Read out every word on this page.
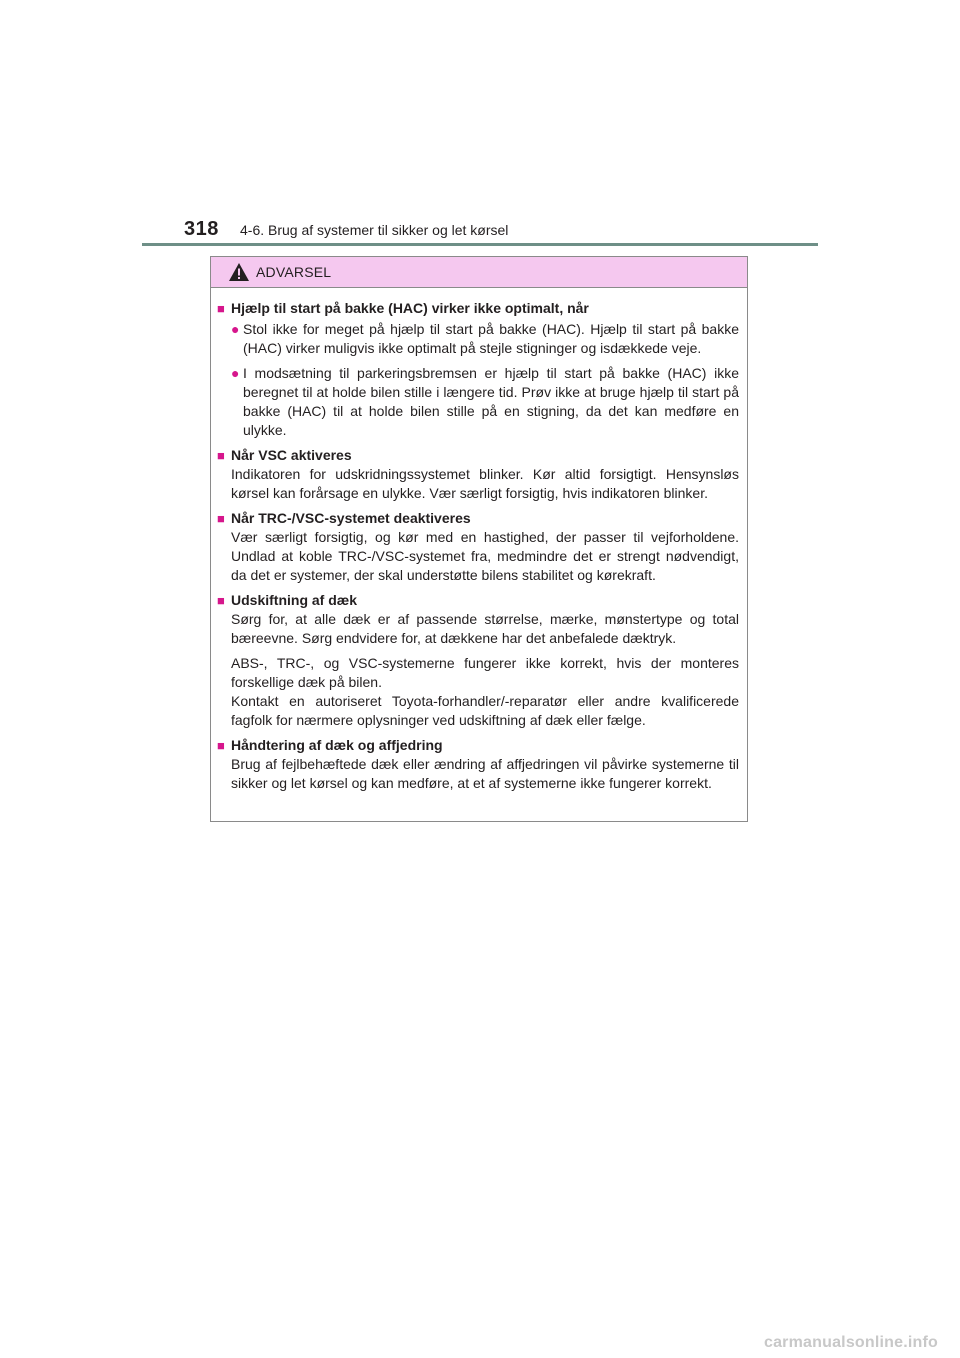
318 4-6. Brug af systemer til sikker og let kørsel
ADVARSEL
■ Hjælp til start på bakke (HAC) virker ikke optimalt, når
● Stol ikke for meget på hjælp til start på bakke (HAC). Hjælp til start på bakke (HAC) virker muligvis ikke optimalt på stejle stigninger og isdækkede veje.
● I modsætning til parkeringsbremsen er hjælp til start på bakke (HAC) ikke beregnet til at holde bilen stille i længere tid. Prøv ikke at bruge hjælp til start på bakke (HAC) til at holde bilen stille på en stigning, da det kan medføre en ulykke.
■ Når VSC aktiveres
Indikatoren for udskridningssystemet blinker. Kør altid forsigtigt. Hensynsløs kørsel kan forårsage en ulykke. Vær særligt forsigtig, hvis indikatoren blinker.
■ Når TRC-/VSC-systemet deaktiveres
Vær særligt forsigtig, og kør med en hastighed, der passer til vejforholdene. Undlad at koble TRC-/VSC-systemet fra, medmindre det er strengt nødvendigt, da det er systemer, der skal understøtte bilens stabilitet og kørekraft.
■ Udskiftning af dæk
Sørg for, at alle dæk er af passende størrelse, mærke, mønstertype og total bæreevne. Sørg endvidere for, at dækkene har det anbefalede dæktryk.
ABS-, TRC-, og VSC-systemerne fungerer ikke korrekt, hvis der monteres forskellige dæk på bilen.
Kontakt en autoriseret Toyota-forhandler/-reparatør eller andre kvalificerede fagfolk for nærmere oplysninger ved udskiftning af dæk eller fælge.
■ Håndtering af dæk og affjedring
Brug af fejlbehæftede dæk eller ændring af affjedringen vil påvirke systemerne til sikker og let kørsel og kan medføre, at et af systemerne ikke fungerer korrekt.
carmanualsonline.info
